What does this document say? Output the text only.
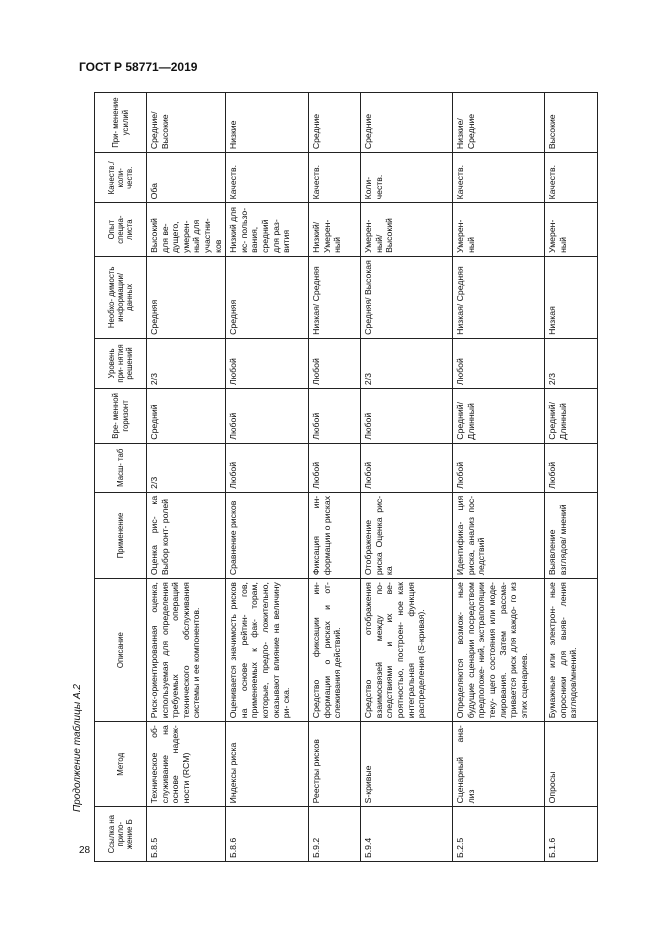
ГОСТ Р 58771—2019
Продолжение таблицы А.2
28 Ссылка на прило- жение Б	Метод	Описание	Применение	Масш- таб	Вре- менной горизонт	Уровень при- нятия решений	Необхо- димость информации/ данных	Опыт специа- листа	Качеств./ коли- честв.	При- менение усилий
Б.8.5	Техническое об- служивание на основе надеж- ности (RCM)	Риск-ориентированная оценка, используемая для определения требуемых операций технического обслуживания системы и ее компонентов.	Оценка рис- ка Выбор конт- ролей	2/3	Средний	2/3	Средняя	Высокий для ве- дущего, умерен- ный для участни- ков	Оба	Средние/ Высокие
Б.8.6	Индексы риска	Оценивается значимость рисков на основе рейтин- гов, применяемых к фак- торам, которые, предпо- ложительно, оказывают влияние на величину ри- ска.	Сравнение рисков	Любой	Любой	Любой	Средняя	Низкий для ис- пользо- вания, средний для раз- вития	Качеств.	Низкие
Б.9.2	Реестры рисков	Средство фиксации ин- формации о рисках и от- слеживания действий.	Фиксация ин- формации о рисках	Любой	Любой	Любой	Низкая/ Средняя	Низкий/ Умерен- ный	Качеств.	Средние
Б.9.4	S-кривые	Средство отображения взаимосвязей между по- следствиями и их ве- роятностью, построен- ное как интегральная функция распределения (S-кривая).	Отображение риска Оценка рис- ка	Любой	Любой	2/3	Средняя/ Высокая	Умерен- ный/ Высокий	Коли- честв.	Средние
Б.2.5	Сценарный ана- лиз	Определяются возмож- ные будущие сценарии посредством предположе- ний, экстраполяции теку- щего состояния или моде- лирования. Затем рассма- тривается риск для каждо- го из этих сценариев.	Идентифика- ция риска, анализ пос- ледствий	Любой	Средний/ Длинный	Любой	Низкая/ Средняя	Умерен- ный	Качеств.	Низкие/ Средние
Б.1.6	Опросы	Бумажные или электрон- ные опросники для выяв- ления взглядов/мнений.	Выявление взглядов/ мнений	Любой	Средний/ Длинный	2/3	Низкая	Умерен- ный	Качеств.	Высокие
